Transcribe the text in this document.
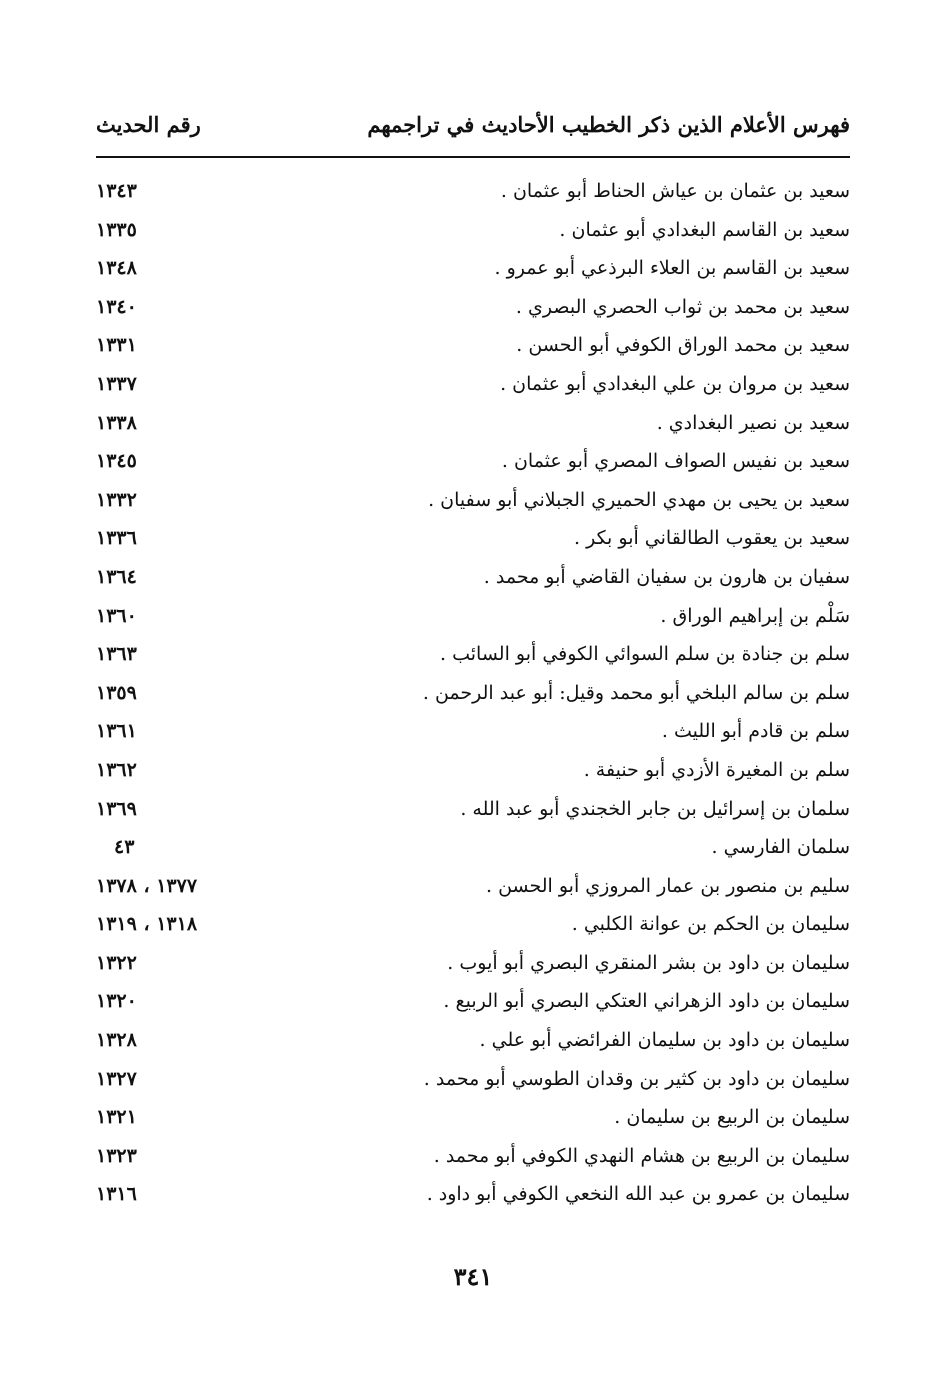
فهرس الأعلام الذين ذكر الخطيب الأحاديث في تراجمهم
رقم الحديث
سعيد بن عثمان بن عياش الحناط أبو عثمان .
١٣٤٣
سعيد بن القاسم البغدادي أبو عثمان .
١٣٣٥
سعيد بن القاسم بن العلاء البرذعي أبو عمرو .
١٣٤٨
سعيد بن محمد بن ثواب الحصري البصري .
١٣٤٠
سعيد بن محمد الوراق الكوفي أبو الحسن .
١٣٣١
سعيد بن مروان بن علي البغدادي أبو عثمان .
١٣٣٧
سعيد بن نصير البغدادي .
١٣٣٨
سعيد بن نفيس الصواف المصري أبو عثمان .
١٣٤٥
سعيد بن يحيى بن مهدي الحميري الجبلاني أبو سفيان .
١٣٣٢
سعيد بن يعقوب الطالقاني أبو بكر .
١٣٣٦
سفيان بن هارون بن سفيان القاضي أبو محمد .
١٣٦٤
سَلْم بن إبراهيم الوراق .
١٣٦٠
سلم بن جنادة بن سلم السوائي الكوفي أبو السائب .
١٣٦٣
سلم بن سالم البلخي أبو محمد وقيل: أبو عبد الرحمن .
١٣٥٩
سلم بن قادم أبو الليث .
١٣٦١
سلم بن المغيرة الأزدي أبو حنيفة .
١٣٦٢
سلمان بن إسرائيل بن جابر الخجندي أبو عبد الله .
١٣٦٩
سلمان الفارسي .
٤٣
سليم بن منصور بن عمار المروزي أبو الحسن .
١٣٧٧ ، ١٣٧٨
سليمان بن الحكم بن عوانة الكلبي .
١٣١٨ ، ١٣١٩
سليمان بن داود بن بشر المنقري البصري أبو أيوب .
١٣٢٢
سليمان بن داود الزهراني العتكي البصري أبو الربيع .
١٣٢٠
سليمان بن داود بن سليمان الفرائضي أبو علي .
١٣٢٨
سليمان بن داود بن كثير بن وقدان الطوسي أبو محمد .
١٣٢٧
سليمان بن الربيع بن سليمان .
١٣٢١
سليمان بن الربيع بن هشام النهدي الكوفي أبو محمد .
١٣٢٣
سليمان بن عمرو بن عبد الله النخعي الكوفي أبو داود .
١٣١٦
٣٤١
